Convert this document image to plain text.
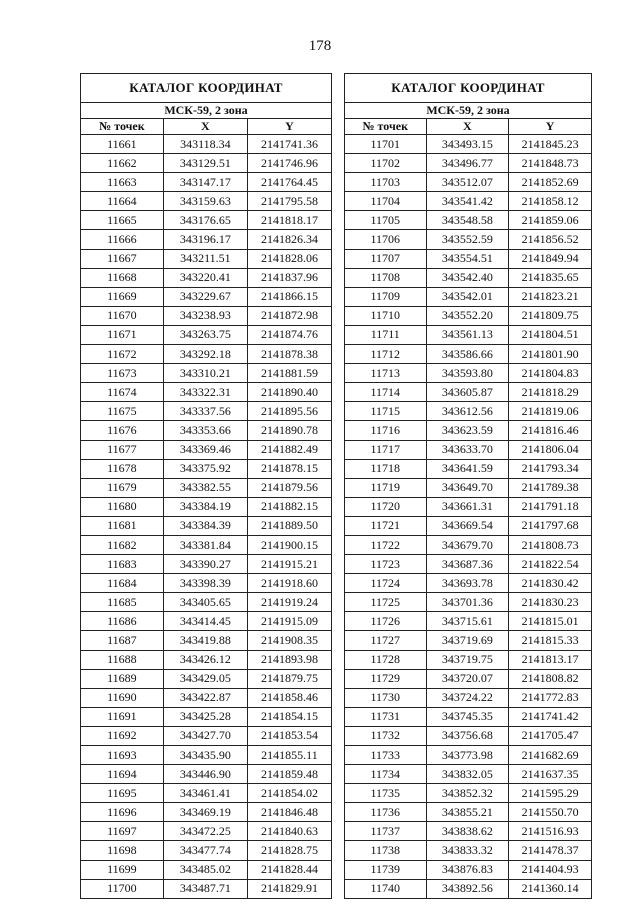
178
КАТАЛОГ КООРДИНАТ		
МСК-59, 2 зона		
№ точек	X	Y
11661	343118.34	2141741.36
11662	343129.51	2141746.96
11663	343147.17	2141764.45
11664	343159.63	2141795.58
11665	343176.65	2141818.17
11666	343196.17	2141826.34
11667	343211.51	2141828.06
11668	343220.41	2141837.96
11669	343229.67	2141866.15
11670	343238.93	2141872.98
11671	343263.75	2141874.76
11672	343292.18	2141878.38
11673	343310.21	2141881.59
11674	343322.31	2141890.40
11675	343337.56	2141895.56
11676	343353.66	2141890.78
11677	343369.46	2141882.49
11678	343375.92	2141878.15
11679	343382.55	2141879.56
11680	343384.19	2141882.15
11681	343384.39	2141889.50
11682	343381.84	2141900.15
11683	343390.27	2141915.21
11684	343398.39	2141918.60
11685	343405.65	2141919.24
11686	343414.45	2141915.09
11687	343419.88	2141908.35
11688	343426.12	2141893.98
11689	343429.05	2141879.75
11690	343422.87	2141858.46
11691	343425.28	2141854.15
11692	343427.70	2141853.54
11693	343435.90	2141855.11
11694	343446.90	2141859.48
11695	343461.41	2141854.02
11696	343469.19	2141846.48
11697	343472.25	2141840.63
11698	343477.74	2141828.75
11699	343485.02	2141828.44
11700	343487.71	2141829.91
КАТАЛОГ КООРДИНАТ		
МСК-59, 2 зона		
№ точек	X	Y
11701	343493.15	2141845.23
11702	343496.77	2141848.73
11703	343512.07	2141852.69
11704	343541.42	2141858.12
11705	343548.58	2141859.06
11706	343552.59	2141856.52
11707	343554.51	2141849.94
11708	343542.40	2141835.65
11709	343542.01	2141823.21
11710	343552.20	2141809.75
11711	343561.13	2141804.51
11712	343586.66	2141801.90
11713	343593.80	2141804.83
11714	343605.87	2141818.29
11715	343612.56	2141819.06
11716	343623.59	2141816.46
11717	343633.70	2141806.04
11718	343641.59	2141793.34
11719	343649.70	2141789.38
11720	343661.31	2141791.18
11721	343669.54	2141797.68
11722	343679.70	2141808.73
11723	343687.36	2141822.54
11724	343693.78	2141830.42
11725	343701.36	2141830.23
11726	343715.61	2141815.01
11727	343719.69	2141815.33
11728	343719.75	2141813.17
11729	343720.07	2141808.82
11730	343724.22	2141772.83
11731	343745.35	2141741.42
11732	343756.68	2141705.47
11733	343773.98	2141682.69
11734	343832.05	2141637.35
11735	343852.32	2141595.29
11736	343855.21	2141550.70
11737	343838.62	2141516.93
11738	343833.32	2141478.37
11739	343876.83	2141404.93
11740	343892.56	2141360.14
